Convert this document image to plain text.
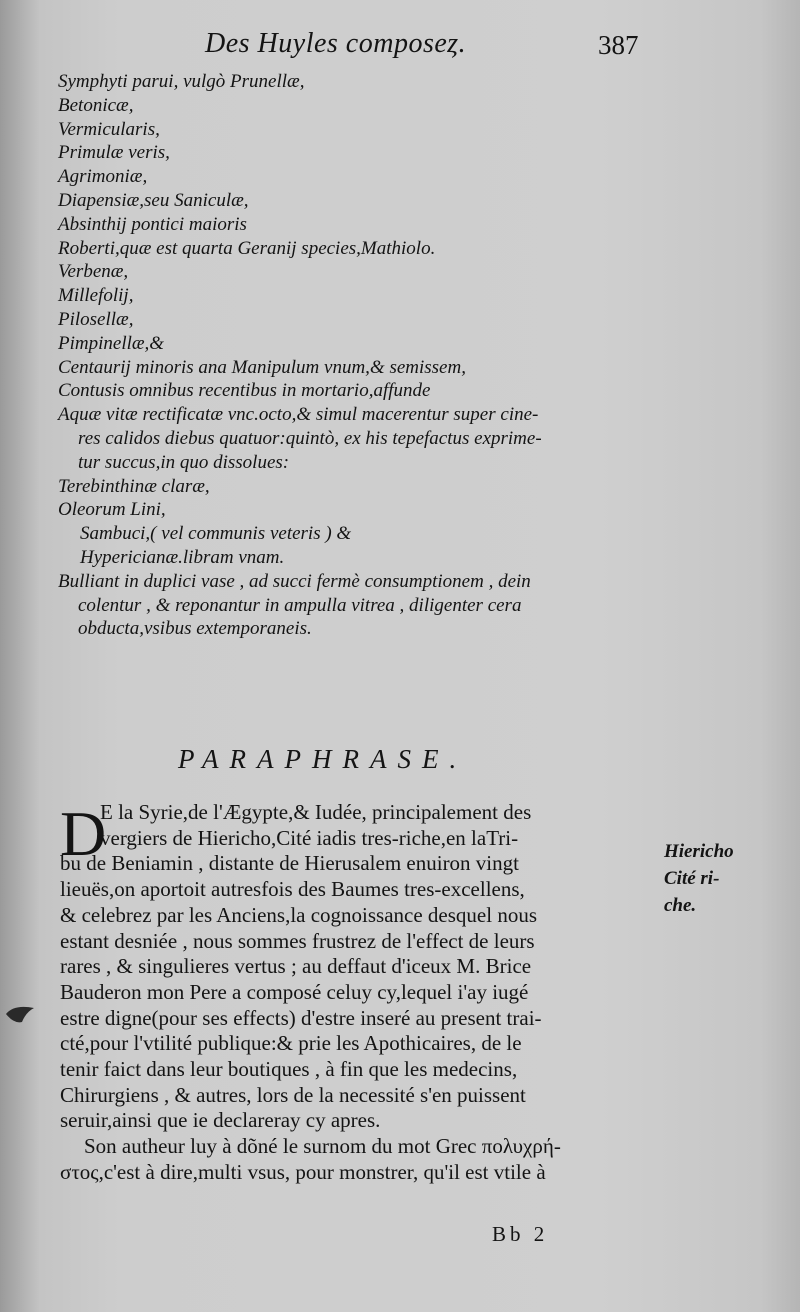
Des Huyles composeȥ.	387
Symphyti parui, vulgò Prunellæ,
Betonicæ,
Vermicularis,
Primulæ veris,
Agrimoniæ,
Diapensiæ,seu Saniculæ,
Absinthij pontici maioris
Roberti,quæ est quarta Geranij species,Mathiolo.
Verbenæ,
Millefolij,
Pilosellæ,
Pimpinellæ,&
Centaurij minoris ana Manipulum vnum,& semissem,
Contusis omnibus recentibus in mortario,affunde
Aquæ vitæ rectificatæ vnc.octo,& simul macerentur super cine-
res calidos diebus quatuor:quintò, ex his tepefactus exprime-
tur succus,in quo dissolues:
Terebinthinæ claræ,
Oleorum Lini,
Sambuci,( vel communis veteris ) &
Hypericianæ.libram vnam.
Bulliant in duplici vase , ad succi fermè consumptionem , dein
colentur , & reponantur in ampulla vitrea , diligenter cera
obducta,vsibus extemporaneis.
PARAPHRASE.
D
E la Syrie,de l'Ægypte,& Iudée, principalement des
vergiers de Hiericho,Cité iadis tres-riche,en laTri-
bu de Beniamin , distante de Hierusalem enuiron vingt
lieuës,on aportoit autresfois des Baumes tres-excellens,
& celebrez par les Anciens,la cognoissance desquel nous
estant desniée , nous sommes frustrez de l'effect de leurs
rares , & singulieres vertus ; au deffaut d'iceux M. Brice
Bauderon mon Pere a composé celuy cy,lequel i'ay iugé
estre digne(pour ses effects) d'estre inseré au present trai-
cté,pour l'vtilité publique:& prie les Apothicaires, de le
tenir faict dans leur boutiques , à fin que les medecins,
Chirurgiens , & autres, lors de la necessité s'en puissent
seruir,ainsi que ie declareray cy apres.
Son autheur luy à dõné le surnom du mot Grec πολυχρή-
στος,c'est à dire,multi vsus, pour monstrer, qu'il est vtile à
Hiericho
Cité ri-
che.
Bb 2
